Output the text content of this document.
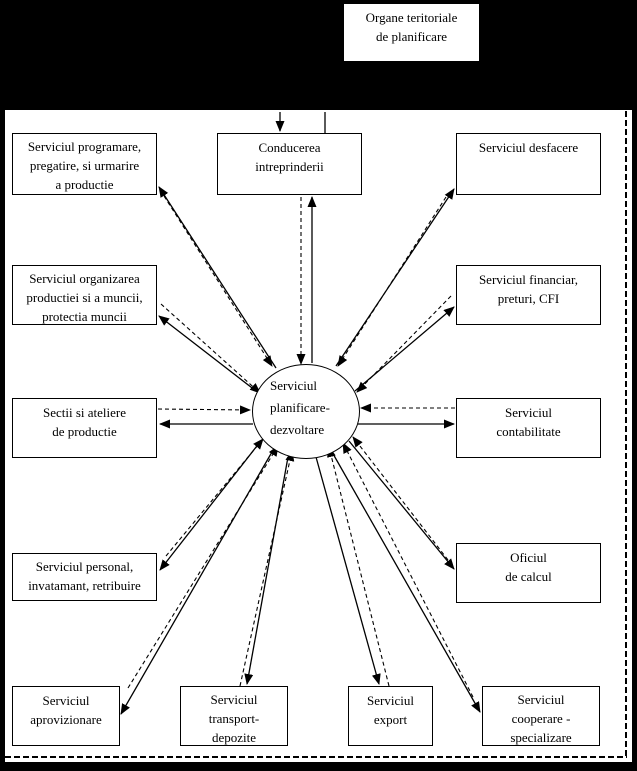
Organe teritoriale
de planificare
Serviciul programare,
pregatire, si urmarire
a productie
Conducerea
intreprinderii
Serviciul desfacere
Serviciul organizarea
productiei si a muncii,
protectia muncii
Serviciul financiar,
preturi, CFI
Sectii si ateliere
de productie
Serviciul
contabilitate
Serviciul personal,
invatamant, retribuire
Oficiul
de calcul
Serviciul
aprovizionare
Serviciul
transport-
depozite
Serviciul
export
Serviciul
cooperare -
specializare
Serviciul
planificare-
dezvoltare
